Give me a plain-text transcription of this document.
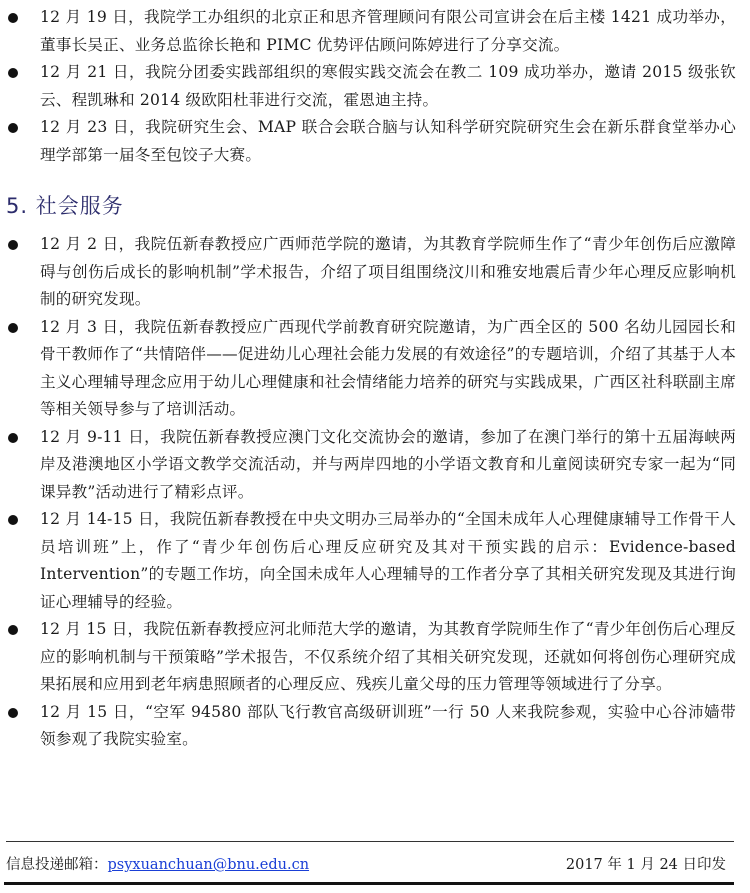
12 月 19 日，我院学工办组织的北京正和思齐管理顾问有限公司宣讲会在后主楼 1421 成功举办，董事长吴正、业务总监徐长艳和 PIMC 优势评估顾问陈婷进行了分享交流。
12 月 21 日，我院分团委实践部组织的寒假实践交流会在教二 109 成功举办，邀请 2015 级张钦云、程凯琳和 2014 级欧阳杜菲进行交流，霍恩迪主持。
12 月 23 日，我院研究生会、MAP 联合会联合脑与认知科学研究院研究生会在新乐群食堂举办心理学部第一届冬至包饺子大赛。
5. 社会服务
12 月 2 日，我院伍新春教授应广西师范学院的邀请，为其教育学院师生作了“青少年创伤后应激障碍与创伤后成长的影响机制”学术报告，介绍了项目组围绕汶川和雅安地震后青少年心理反应影响机制的研究发现。
12 月 3 日，我院伍新春教授应广西现代学前教育研究院邀请，为广西全区的 500 名幼儿园园长和骨干教师作了“共情陪伴——促进幼儿心理社会能力发展的有效途径”的专题培训，介绍了其基于人本主义心理辅导理念应用于幼儿心理健康和社会情绪能力培养的研究与实践成果，广西区社科联副主席等相关领导参与了培训活动。
12 月 9-11 日，我院伍新春教授应澳门文化交流协会的邀请，参加了在澳门举行的第十五届海峡两岸及港澳地区小学语文教学交流活动，并与两岸四地的小学语文教育和儿童阅读研究专家一起为“同课异教”活动进行了精彩点评。
12 月 14-15 日，我院伍新春教授在中央文明办三局举办的“全国未成年人心理健康辅导工作骨干人员培训班”上，作了“青少年创伤后心理反应研究及其对干预实践的启示：Evidence-based Intervention”的专题工作坊，向全国未成年人心理辅导的工作者分享了其相关研究发现及其进行询证心理辅导的经验。
12 月 15 日，我院伍新春教授应河北师范大学的邀请，为其教育学院师生作了“青少年创伤后心理反应的影响机制与干预策略”学术报告，不仅系统介绍了其相关研究发现，还就如何将创伤心理研究成果拓展和应用到老年病患照顾者的心理反应、残疾儿童父母的压力管理等领域进行了分享。
12 月 15 日，“空军 94580 部队飞行教官高级研训班”一行 50 人来我院参观，实验中心谷沛嫱带领参观了我院实验室。
信息投递邮箱：psyxuanchuan@bnu.edu.cn	2017 年 1 月 24 日印发
